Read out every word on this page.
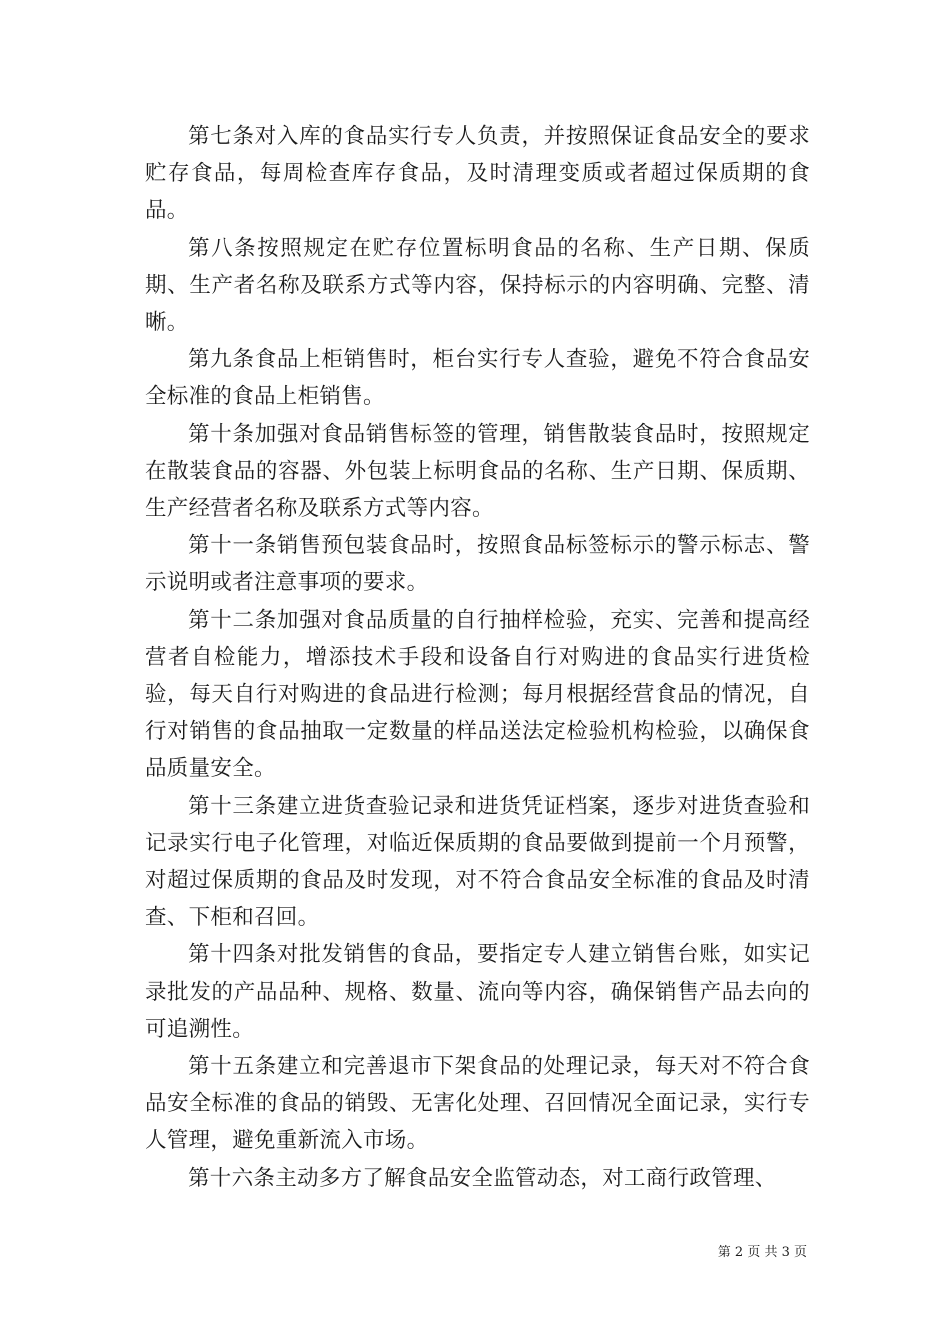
第七条对入库的食品实行专人负责，并按照保证食品安全的要求贮存食品，每周检查库存食品，及时清理变质或者超过保质期的食品。

第八条按照规定在贮存位置标明食品的名称、生产日期、保质期、生产者名称及联系方式等内容，保持标示的内容明确、完整、清晰。

第九条食品上柜销售时，柜台实行专人查验，避免不符合食品安全标准的食品上柜销售。

第十条加强对食品销售标签的管理，销售散装食品时，按照规定在散装食品的容器、外包装上标明食品的名称、生产日期、保质期、生产经营者名称及联系方式等内容。

第十一条销售预包装食品时，按照食品标签标示的警示标志、警示说明或者注意事项的要求。

第十二条加强对食品质量的自行抽样检验，充实、完善和提高经营者自检能力，增添技术手段和设备自行对购进的食品实行进货检验，每天自行对购进的食品进行检测；每月根据经营食品的情况，自行对销售的食品抽取一定数量的样品送法定检验机构检验，以确保食品质量安全。

第十三条建立进货查验记录和进货凭证档案，逐步对进货查验和记录实行电子化管理，对临近保质期的食品要做到提前一个月预警，对超过保质期的食品及时发现，对不符合食品安全标准的食品及时清查、下柜和召回。

第十四条对批发销售的食品，要指定专人建立销售台账，如实记录批发的产品品种、规格、数量、流向等内容，确保销售产品去向的可追溯性。

第十五条建立和完善退市下架食品的处理记录，每天对不符合食品安全标准的食品的销毁、无害化处理、召回情况全面记录，实行专人管理，避免重新流入市场。

第十六条主动多方了解食品安全监管动态，对工商行政管理、

第 2 页 共 3 页
